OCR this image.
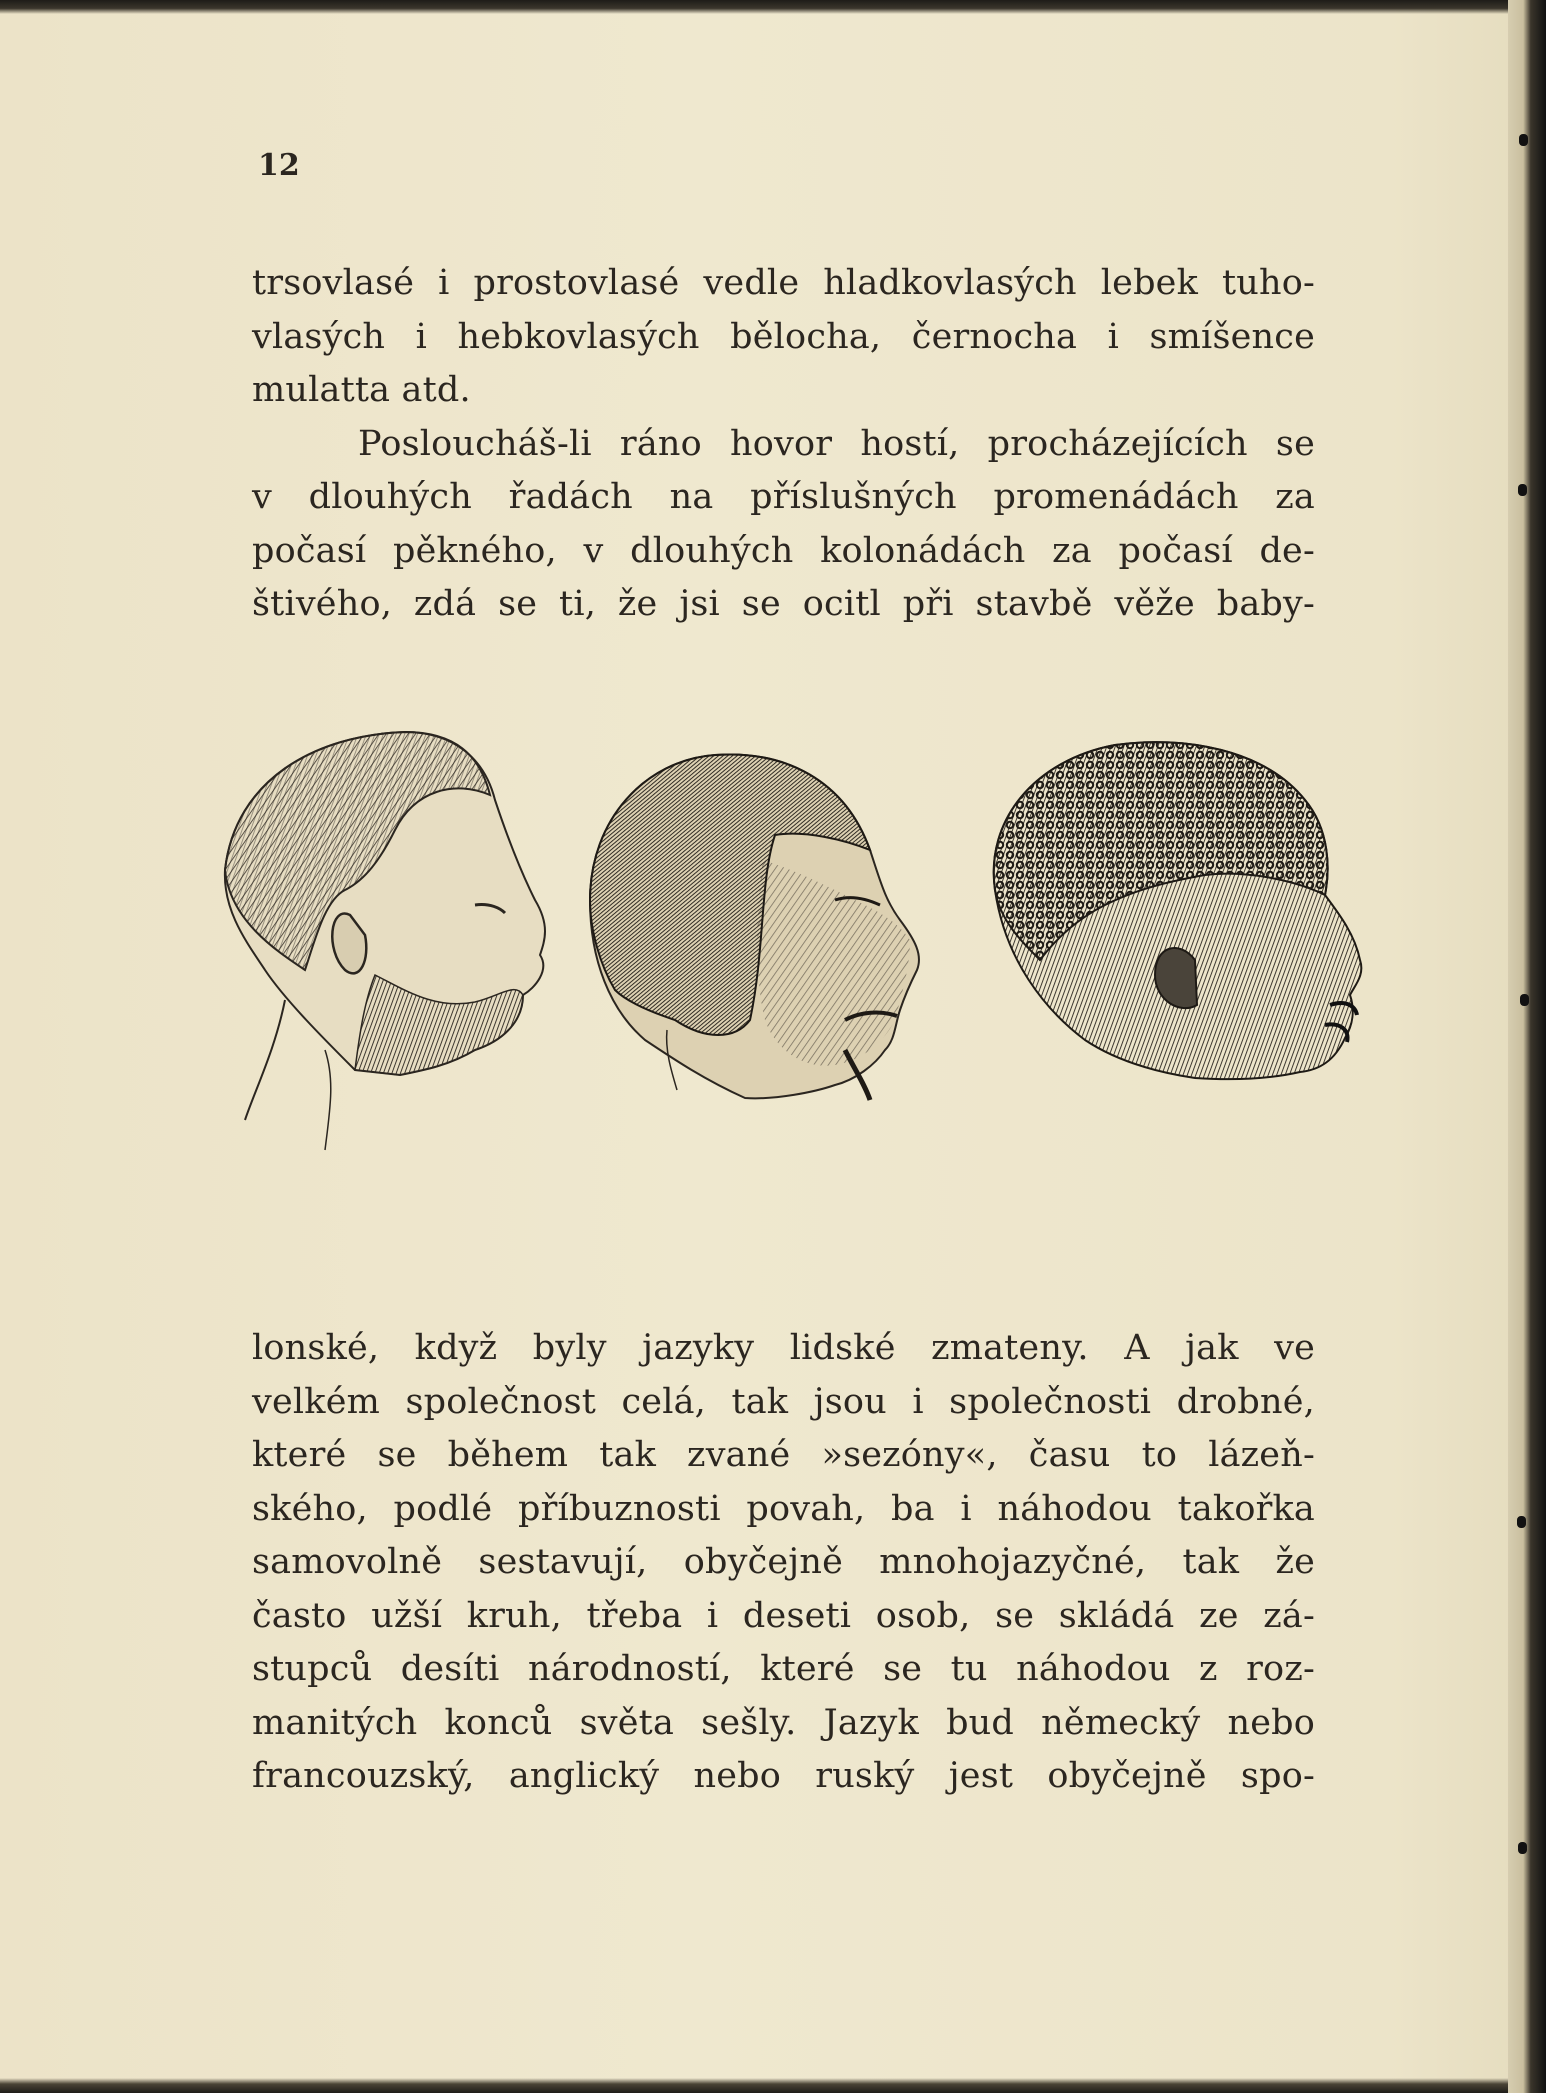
12

trsovlasé i prostovlasé vedle hladkovlasých lebek tuho-

vlasých i hebkovlasých bělocha, černocha i smíšence

mulatta atd.

Posloucháš-li ráno hovor hostí, procházejících se

v dlouhých řadách na příslušných promenádách za

počasí pěkného, v dlouhých kolonádách za počasí de-

štivého, zdá se ti, že jsi se ocitl při stavbě věže baby-

lonské, když byly jazyky lidské zmateny. A jak ve

velkém společnost celá, tak jsou i společnosti drobné,

které se během tak zvané »sezóny«, času to lázeň-

ského, podlé příbuznosti povah, ba i náhodou takořka

samovolně sestavují, obyčejně mnohojazyčné, tak že

často užší kruh, třeba i deseti osob, se skládá ze zá-

stupců desíti národností, které se tu náhodou z roz-

manitých konců světa sešly. Jazyk bud německý nebo

francouzský, anglický nebo ruský jest obyčejně spo-
